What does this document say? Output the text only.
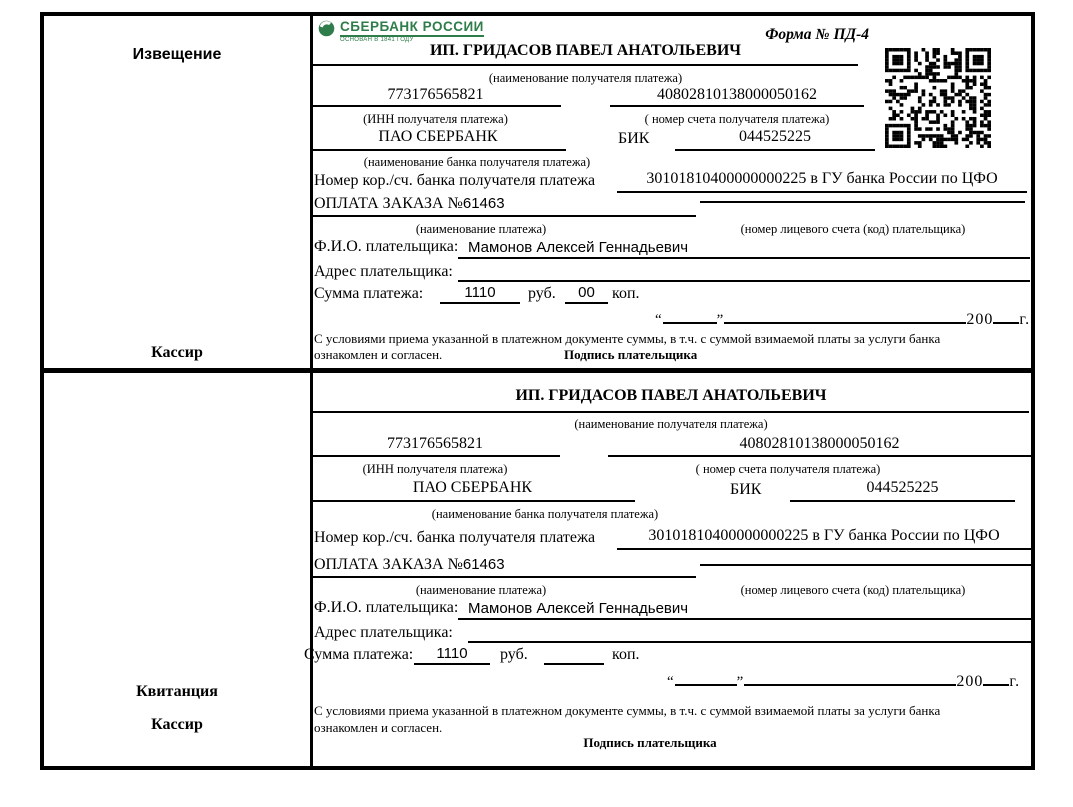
Извещение
Кассир
СБЕРБАНК РОССИИ
ОСНОВАН В 1841 ГОДУ	Форма № ПД-4
ИП. ГРИДАСОВ ПАВЕЛ АНАТОЛЬЕВИЧ
(наименование получателя платежа)
773176565821	40802810138000050162
(ИНН получателя платежа)	( номер счета получателя платежа)
ПАО СБЕРБАНК	БИК	044525225
(наименование банка получателя платежа)
Номер кор./сч. банка получателя платежа	30101810400000000225 в ГУ банка России по ЦФО
ОПЛАТА ЗАКАЗА №61463
(наименование платежа)	(номер лицевого счета (код) плательщика)
Ф.И.О. плательщика: Мамонов Алексей Геннадьевич
Адрес плательщика:
Сумма платежа:	1110	руб.	00	коп.
“	”	200 г.
С условиями приема указанной в платежном документе суммы, в т.ч. с суммой взимаемой платы за услуги банка
ознакомлен и согласен.	Подпись плательщика
Квитанция
Кассир
ИП. ГРИДАСОВ ПАВЕЛ АНАТОЛЬЕВИЧ
(наименование получателя платежа)
773176565821	40802810138000050162
(ИНН получателя платежа)	( номер счета получателя платежа)
ПАО СБЕРБАНК	БИК	044525225
(наименование банка получателя платежа)
Номер кор./сч. банка получателя платежа	30101810400000000225 в ГУ банка России по ЦФО
ОПЛАТА ЗАКАЗА №61463
(наименование платежа)	(номер лицевого счета (код) плательщика)
Ф.И.О. плательщика: Мамонов Алексей Геннадьевич
Адрес плательщика:
Сумма платежа:	1110	руб.	коп.
“	”	200 г.
С условиями приема указанной в платежном документе суммы, в т.ч. с суммой взимаемой платы за услуги банка
ознакомлен и согласен.
Подпись плательщика
